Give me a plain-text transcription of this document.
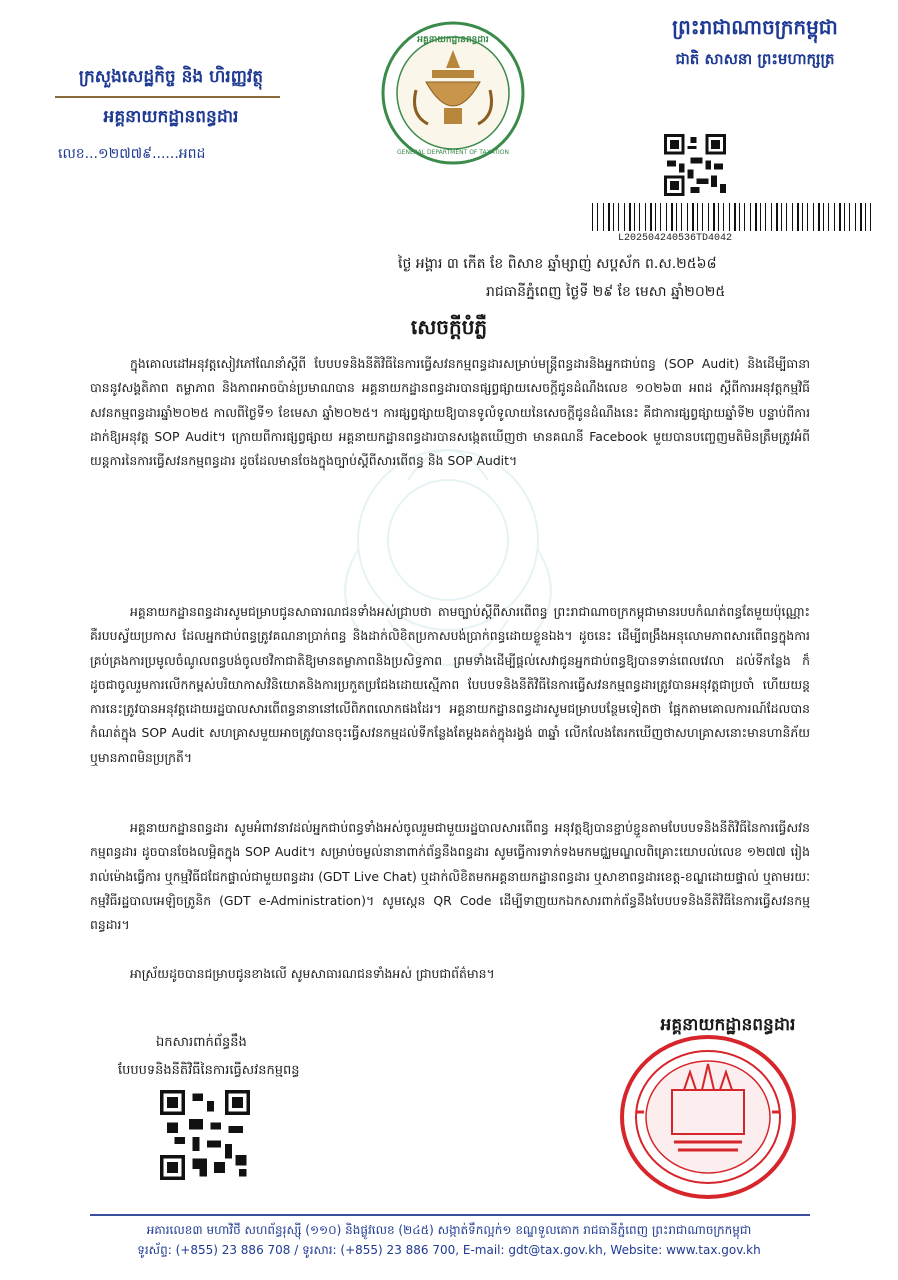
ក្រសួងសេដ្ឋកិច្ច និង ហិរញ្ញវត្ថុ
អគ្គនាយកដ្ឋានពន្ធដារ
លេខ...១២៧៧៩......អពដ
អគ្គនាយកដ្ឋានពន្ធដារ
GENERAL DEPARTMENT OF TAXATION
ព្រះរាជាណាចក្រកម្ពុជា
ជាតិ សាសនា ព្រះមហាក្សត្រ
L202504240536TD4042
ថ្ងៃ អង្គារ ៣ កើត ខែ ពិសាខ ឆ្នាំម្សាញ់ សប្តស័ក ព.ស.២៥៦៨
រាជធានីភ្នំពេញ ថ្ងៃទី ២៩ ខែ មេសា ឆ្នាំ២០២៥
សេចក្តីបំភ្លឺ
ក្នុងគោលដៅអនុវត្តសៀវភៅណែនាំស្តីពី បែបបទនិងនីតិវិធីនៃការធ្វើសវនកម្មពន្ធដារសម្រាប់មន្ត្រីពន្ធដារនិងអ្នកជាប់ពន្ធ (SOP Audit) និងដើម្បីធានាបាននូវសង្គតិភាព តម្លាភាព និងភាពអាចប៉ាន់ប្រមាណបាន អគ្គនាយកដ្ឋានពន្ធដារបានផ្សព្វផ្សាយសេចក្តីជូនដំណឹងលេខ ១០២៦៣ អពដ ស្តីពីការអនុវត្តកម្មវិធីសវនកម្មពន្ធដារឆ្នាំ២០២៥ កាលពីថ្ងៃទី១ ខែមេសា ឆ្នាំ២០២៥។ ការផ្សព្វផ្សាយឱ្យបានទូលំទូលាយនៃសេចក្តីជូនដំណឹងនេះ គឺជាការផ្សព្វផ្សាយឆ្នាំទី២ បន្ទាប់ពីការដាក់ឱ្យអនុវត្ត SOP Audit។ ក្រោយពីការផ្សព្វផ្សាយ អគ្គនាយកដ្ឋានពន្ធដារបានសង្កេតឃើញថា មានគណនី Facebook មួយបានបញ្ចេញមតិមិនត្រឹមត្រូវអំពីយន្តការនៃការធ្វើសវនកម្មពន្ធដារ ដូចដែលមានចែងក្នុងច្បាប់ស្តីពីសារពើពន្ធ និង SOP Audit។
អគ្គនាយកដ្ឋានពន្ធដារសូមជម្រាបជូនសាធារណជនទាំងអស់ជ្រាបថា តាមច្បាប់ស្តីពីសារពើពន្ធ ព្រះរាជាណាចក្រកម្ពុជាមានរបបកំណត់ពន្ធតែមួយប៉ុណ្ណោះ គឺរបបស្វ័យប្រកាស ដែលអ្នកជាប់ពន្ធត្រូវគណនាប្រាក់ពន្ធ និងដាក់លិខិតប្រកាសបង់ប្រាក់ពន្ធដោយខ្លួនឯង។ ដូចនេះ ដើម្បីពង្រឹងអនុលោមភាពសារពើពន្ធក្នុងការគ្រប់គ្រងការប្រមូលចំណូលពន្ធបង់ចូលថវិកាជាតិឱ្យមានតម្លាភាពនិងប្រសិទ្ធភាព ព្រមទាំងដើម្បីផ្តល់សេវាជូនអ្នកជាប់ពន្ធឱ្យបានទាន់ពេលវេលា ដល់ទីកន្លែង ក៏ដូចជាចូលរួមការលើកកម្ពស់បរិយាកាសវិនិយោគនិងការប្រកួតប្រជែងដោយស្មើភាព បែបបទនិងនីតិវិធីនៃការធ្វើសវនកម្មពន្ធដារត្រូវបានអនុវត្តជាប្រចាំ ហើយយន្តការនេះត្រូវបានអនុវត្តដោយរដ្ឋបាលសារពើពន្ធនានានៅលើពិភពលោកផងដែរ។ អគ្គនាយកដ្ឋានពន្ធដារសូមជម្រាបបន្ថែមទៀតថា ផ្អែកតាមគោលការណ៍ដែលបានកំណត់ក្នុង SOP Audit សហគ្រាសមួយអាចត្រូវបានចុះធ្វើសវនកម្មដល់ទីកន្លែងតែម្តងគត់ក្នុងរង្វង់ ៣ឆ្នាំ លើកលែងតែរកឃើញថាសហគ្រាសនោះមានហានិភ័យ ឬមានភាពមិនប្រក្រតី។
អគ្គនាយកដ្ឋានពន្ធដារ សូមអំពាវនាវដល់អ្នកជាប់ពន្ធទាំងអស់ចូលរួមជាមួយរដ្ឋបាលសារពើពន្ធ អនុវត្តឱ្យបានខ្ជាប់ខ្ជួនតាមបែបបទនិងនីតិវិធីនៃការធ្វើសវនកម្មពន្ធដារ ដូចបានចែងលម្អិតក្នុង SOP Audit។ សម្រាប់ចម្ងល់នានាពាក់ព័ន្ធនឹងពន្ធដារ សូមធ្វើការទាក់ទងមកមជ្ឈមណ្ឌលពិគ្រោះយោបល់លេខ ១២៧៧ រៀងរាល់ម៉ោងធ្វើការ ឬកម្មវិធីជជែកផ្ទាល់ជាមួយពន្ធដារ (GDT Live Chat) ឬដាក់លិខិតមកអគ្គនាយកដ្ឋានពន្ធដារ ឬសាខាពន្ធដារខេត្ត-ខណ្ឌដោយផ្ទាល់ ឬតាមរយៈកម្មវិធីរដ្ឋបាលអេឡិចត្រូនិក (GDT e-Administration)។ សូមស្កេន QR Code ដើម្បីទាញយកឯកសារពាក់ព័ន្ធនឹងបែបបទនិងនីតិវិធីនៃការធ្វើសវនកម្មពន្ធដារ។
អាស្រ័យដូចបានជម្រាបជូនខាងលើ សូមសាធារណជនទាំងអស់ ជ្រាបជាព័ត៌មាន។
អគ្គនាយកដ្ឋានពន្ធដារ
ឯកសារពាក់ព័ន្ធនឹង
បែបបទនិងនីតិវិធីនៃការធ្វើសវនកម្មពន្ធ
អគារលេខ៣ មហាវិថី សហព័ន្ធរុស្ស៊ី (១១០) និងផ្លូវលេខ (២៤៥) សង្កាត់ទឹកល្អក់១ ខណ្ឌទួលគោក រាជធានីភ្នំពេញ ព្រះរាជាណាចក្រកម្ពុជា
ទូរស័ព្ទ: (+855) 23 886 708 / ទូរសារ: (+855) 23 886 700, E-mail: gdt@tax.gov.kh, Website: www.tax.gov.kh
